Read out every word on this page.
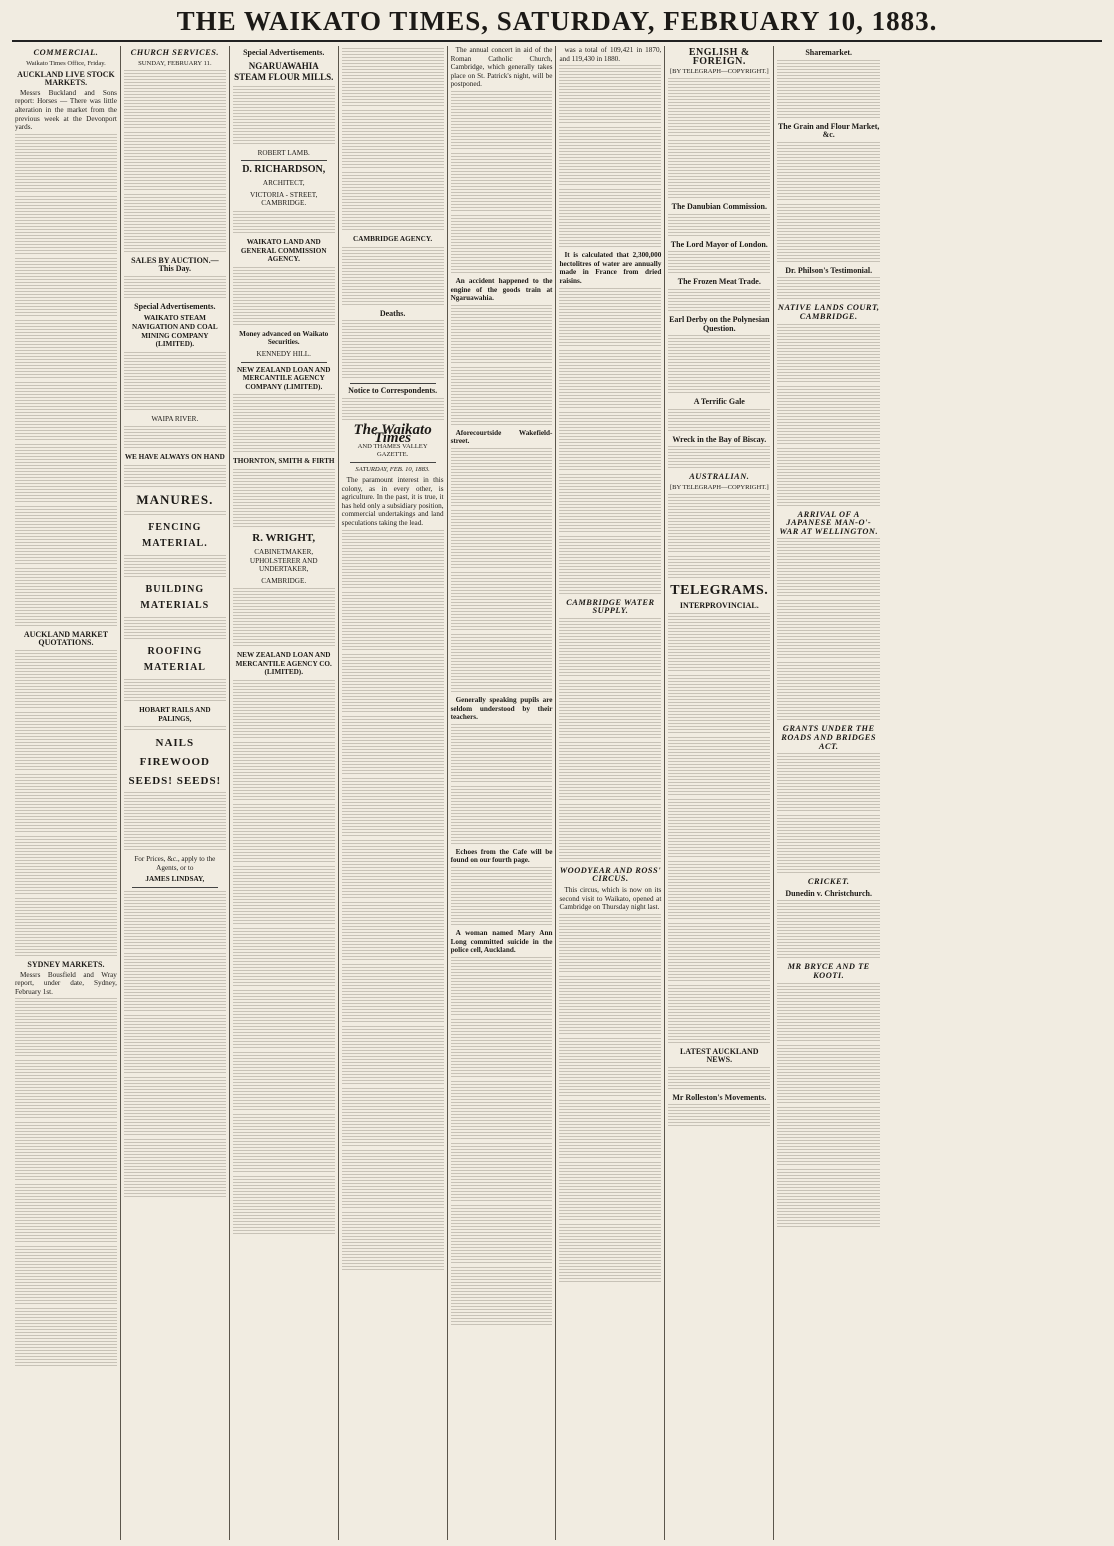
THE WAIKATO TIMES, SATURDAY, FEBRUARY 10, 1883.
COMMERCIAL.
Waikato Times Office, Friday.
AUCKLAND LIVE STOCK MARKETS.

Messrs Buckland and Sons report: Horses — There was little alteration in the market from the previous week at the Devonport yards.

AUCKLAND MARKET QUOTATIONS.
SYDNEY MARKETS.

Messrs Bousfield and Wray report, under date, Sydney, February 1st.

CHURCH SERVICES.
SUNDAY, FEBRUARY 11.
SALES BY AUCTION.—This Day.
Special Advertisements.
WAIKATO STEAM NAVIGATION AND COAL MINING COMPANY (LIMITED).
WAIPA RIVER.
WE HAVE ALWAYS ON HAND
MANURES.
FENCING MATERIAL.
BUILDING MATERIALS
ROOFING MATERIAL
HOBART RAILS AND PALINGS,
NAILS
FIREWOOD
SEEDS! SEEDS!
For Prices, &c., apply to the Agents, or to
JAMES LINDSAY,
Special Advertisements.
NGARUAWAHIA STEAM FLOUR MILLS.
ROBERT LAMB.
D. RICHARDSON,
ARCHITECT,
VICTORIA - STREET, CAMBRIDGE.
WAIKATO LAND AND GENERAL COMMISSION AGENCY.
Money advanced on Waikato Securities.
KENNEDY HILL.
NEW ZEALAND LOAN AND MERCANTILE AGENCY COMPANY (LIMITED).
THORNTON, SMITH & FIRTH
R. WRIGHT,
CABINETMAKER, UPHOLSTERER AND UNDERTAKER,
CAMBRIDGE.
NEW ZEALAND LOAN AND MERCANTILE AGENCY CO. (LIMITED).
CAMBRIDGE AGENCY.
Deaths.
Notice to Correspondents.
The Waikato Times
AND THAMES VALLEY GAZETTE.
SATURDAY, FEB. 10, 1883.

The paramount interest in this colony, as in every other, is agriculture. In the past, it is true, it has held only a subsidiary position, commercial undertakings and land speculations taking the lead.

The annual concert in aid of the Roman Catholic Church, Cambridge, which generally takes place on St. Patrick's night, will be postponed.

An accident happened to the engine of the goods train at Ngaruawahia.

Aforecourtside Wakefield-street.

Generally speaking pupils are seldom understood by their teachers.

Echoes from the Cafe will be found on our fourth page.

A woman named Mary Ann Long committed suicide in the police cell, Auckland.

was a total of 109,421 in 1870, and 119,430 in 1880.

It is calculated that 2,300,000 hectolitres of water are annually made in France from dried raisins.

CAMBRIDGE WATER SUPPLY.
WOODYEAR AND ROSS' CIRCUS.

This circus, which is now on its second visit to Waikato, opened at Cambridge on Thursday night last.

ENGLISH & FOREIGN.
[BY TELEGRAPH—COPYRIGHT.]
The Danubian Commission.
The Lord Mayor of London.
The Frozen Meat Trade.
Earl Derby on the Polynesian Question.
A Terrific Gale
Wreck in the Bay of Biscay.
AUSTRALIAN.
[BY TELEGRAPH—COPYRIGHT.]
TELEGRAMS.
INTERPROVINCIAL.
LATEST AUCKLAND NEWS.
Mr Rolleston's Movements.
Sharemarket.
The Grain and Flour Market, &c.
Dr. Philson's Testimonial.
NATIVE LANDS COURT, CAMBRIDGE.
ARRIVAL OF A JAPANESE MAN-O'-WAR AT WELLINGTON.
GRANTS UNDER THE ROADS AND BRIDGES ACT.
CRICKET.
Dunedin v. Christchurch.
MR BRYCE AND TE KOOTI.
